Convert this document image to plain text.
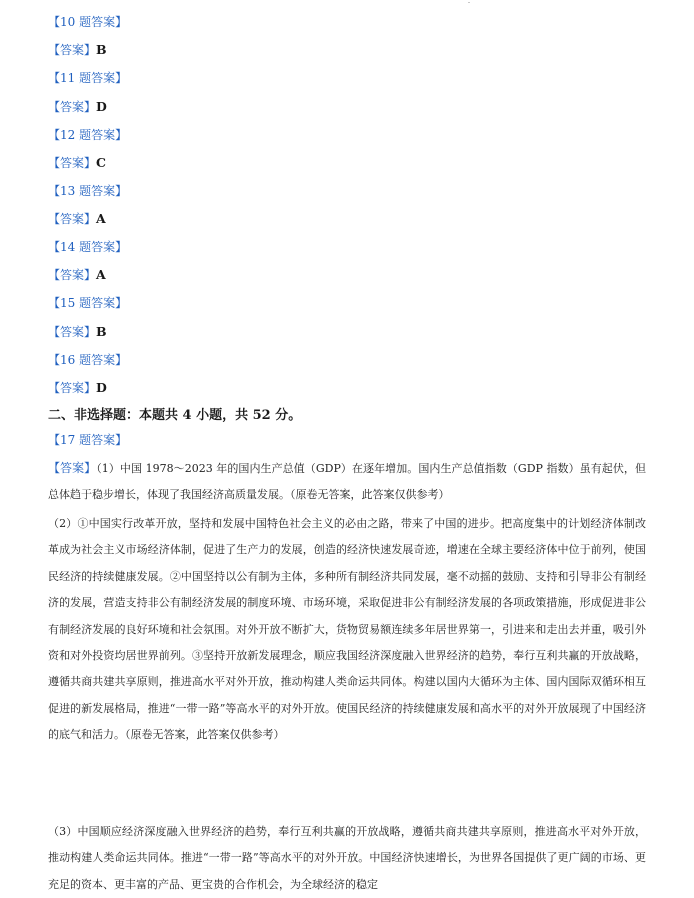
【10 题答案】
【答案】B
【11 题答案】
【答案】D
【12 题答案】
【答案】C
【13 题答案】
【答案】A
【14 题答案】
【答案】A
【15 题答案】
【答案】B
【16 题答案】
【答案】D
二、非选择题：本题共 4 小题，共 52 分。
【17 题答案】
【答案】（1）中国 1978～2023 年的国内生产总值（GDP）在逐年增加。国内生产总值指数（GDP 指数）虽有起伏，但总体趋于稳步增长，体现了我国经济高质量发展。（原卷无答案，此答案仅供参考）
（2）①中国实行改革开放，坚持和发展中国特色社会主义的必由之路，带来了中国的进步。把高度集中的计划经济体制改革成为社会主义市场经济体制，促进了生产力的发展，创造的经济快速发展奇迹，增速在全球主要经济体中位于前列，使国民经济的持续健康发展。②中国坚持以公有制为主体，多种所有制经济共同发展，毫不动摇的鼓励、支持和引导非公有制经济的发展，营造支持非公有制经济发展的制度环境、市场环境，采取促进非公有制经济发展的各项政策措施，形成促进非公有制经济发展的良好环境和社会氛围。对外开放不断扩大，货物贸易额连续多年居世界第一，引进来和走出去并重，吸引外资和对外投资均居世界前列。③坚持开放新发展理念，顺应我国经济深度融入世界经济的趋势，奉行互利共赢的开放战略，遵循共商共建共享原则，推进高水平对外开放，推动构建人类命运共同体。构建以国内大循环为主体、国内国际双循环相互促进的新发展格局，推进“一带一路”等高水平的对外开放。使国民经济的持续健康发展和高水平的对外开放展现了中国经济的底气和活力。（原卷无答案，此答案仅供参考）
（3）中国顺应经济深度融入世界经济的趋势，奉行互利共赢的开放战略，遵循共商共建共享原则，推进高水平对外开放，推动构建人类命运共同体。推进“一带一路”等高水平的对外开放。中国经济快速增长，为世界各国提供了更广阔的市场、更充足的资本、更丰富的产品、更宝贵的合作机会，为全球经济的稳定
